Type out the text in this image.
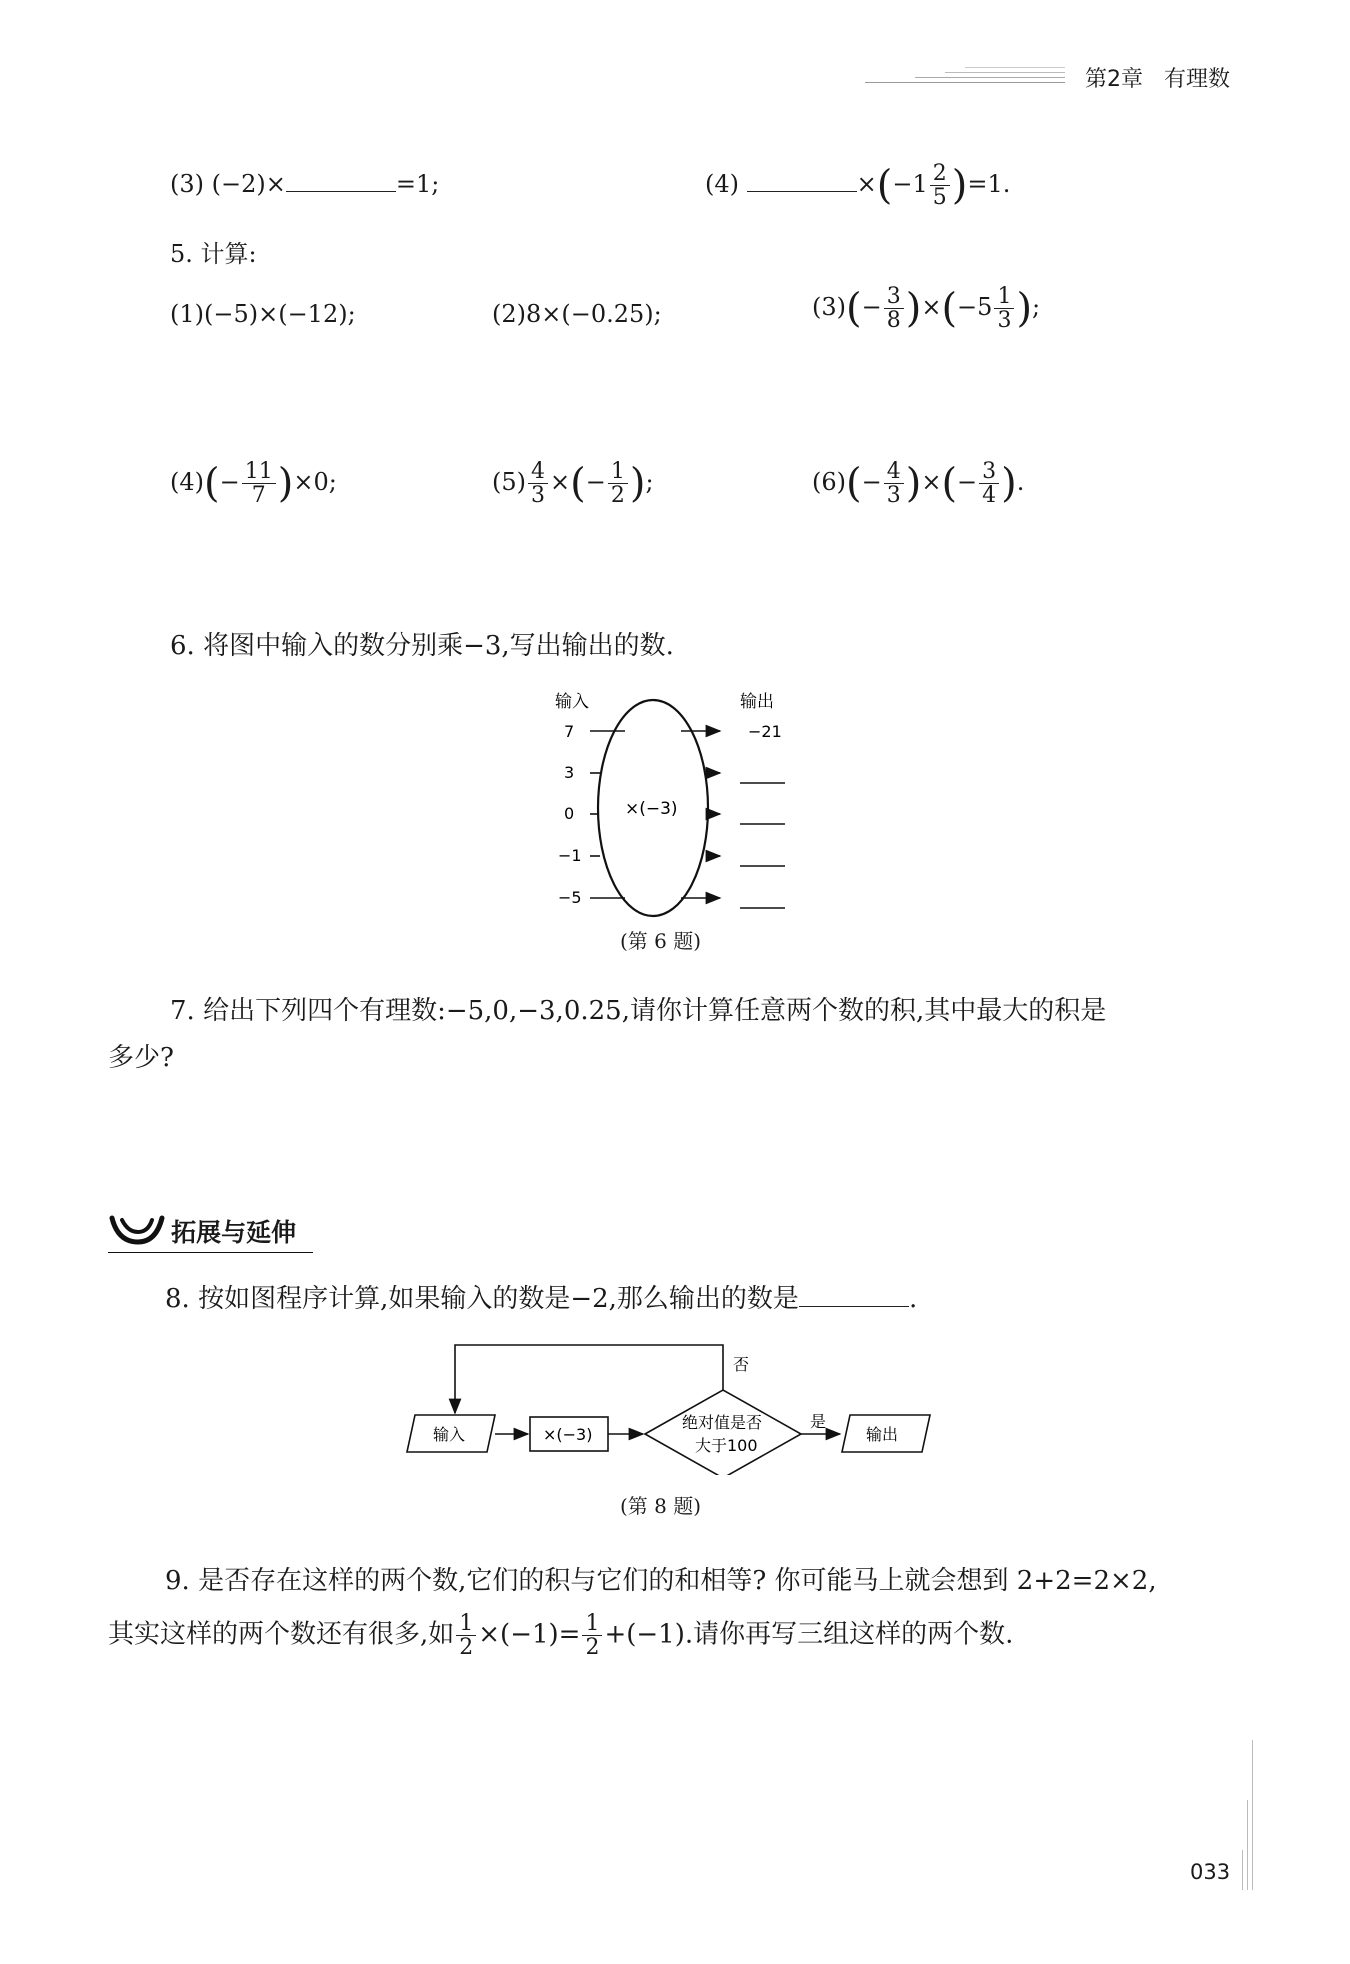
第2章 有理数
(3) (−2)×	=1;	(4)	$\times(-1 \frac{2}{5} )=1$.
5. 计算:
(1)(−5)×(−12);	(2)8×(−0.25);	$(3)(- \frac{3}{8} )\times(-5 \frac{1}{3}$ );
$(4)(- \frac{11}{7} )\times 0$;	$(5) \frac{4}{3}$ ×(− $\frac{1}{2}$ );	$(6)(- \frac{4}{3}$ )×(− $\frac{3}{4}$ ).
6. 将图中输入的数分别乘−3,写出输出的数.
输入	输出
×(−3)
7
3
0
−1
−5
−21
(第 6 题)
7. 给出下列四个有理数:−5,0,−3,0.25,请你计算任意两个数的积,其中最大的积是
多少?
拓展与延伸
8. 按如图程序计算,如果输入的数是−2,那么输出的数是	.
输入	×(−3)
绝对值是否
大于100
是
否
输出
(第 8 题)
9. 是否存在这样的两个数,它们的积与它们的和相等? 你可能马上就会想到 2+2=2×2,
其实这样的两个数还有很多,如 $\frac{1}{2} \times(-1)= \frac{1}{2} +(-1)$.请你再写三组这样的两个数.
033
